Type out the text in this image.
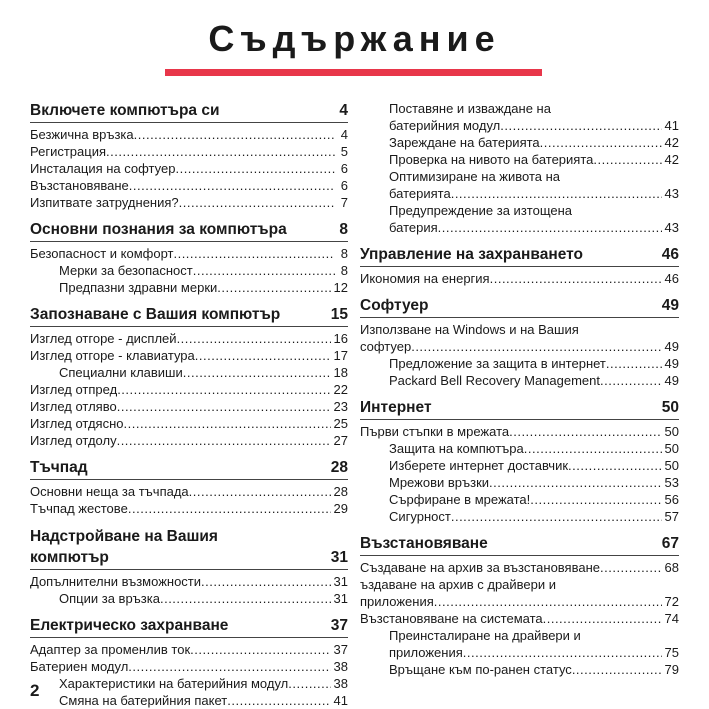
Съдържание
Включете компютъра си	4
Безжична връзка .....	4
Регистрация .....	5
Инсталация на софтуер .....	6
Възстановяване .....	6
Изпитвате затруднения? .....	7
Основни познания за компютъра	8
Безопасност и комфорт .....	8
Мерки за безопасност .....	8
Предпазни здравни мерки .....	12
Запознаване с Вашия компютър	15
Изглед отгоре - дисплей .....	16
Изглед отгоре - клавиатура .....	17
Специални клавиши .....	18
Изглед отпред .....	22
Изглед отляво .....	23
Изглед отдясно .....	25
Изглед отдолу .....	27
Тъчпад	28
Основни неща за тъчпада .....	28
Тъчпад жестовe .....	29
Надстройване на Вашия
компютър	31
Допълнителни възможности .....	31
Опции за връзка .....	31
Електрическо захранване	37
Адаптер за променлив ток .....	37
Батериен модул .....	38
Характеристики на батерийния модул .....	38
Смяна на батерийния пакет .....	41
Поставяне и изваждане на
батерийния модул .....	41
Зареждане на батерията .....	42
Проверка на нивото на батерията .....	42
Оптимизиране на живота на
батерията .....	43
Предупреждение за изтощена
батерия .....	43
Управление на захранването	46
Икономия на енергия .....	46
Софтуер	49
Използване на Windows и на Вашия
софтуер .....	49
Предложение за защита в интернет .....	49
Packard Bell Recovery Management .....	49
Интернет	50
Първи стъпки в мрежата .....	50
Защита на компютъра .....	50
Изберете интернет доставчик .....	50
Мрежови връзки .....	53
Сърфиране в мрежата! .....	56
Сигурност .....	57
Възстановяване	67
Създаване на архив за възстановяване .....	68
ъздаване на архив с драйвери и
приложения .....	72
Възстановяване на системата .....	74
Преинсталиране на драйвери и
приложения .....	75
Връщане към по-ранен статус .....	79
2
